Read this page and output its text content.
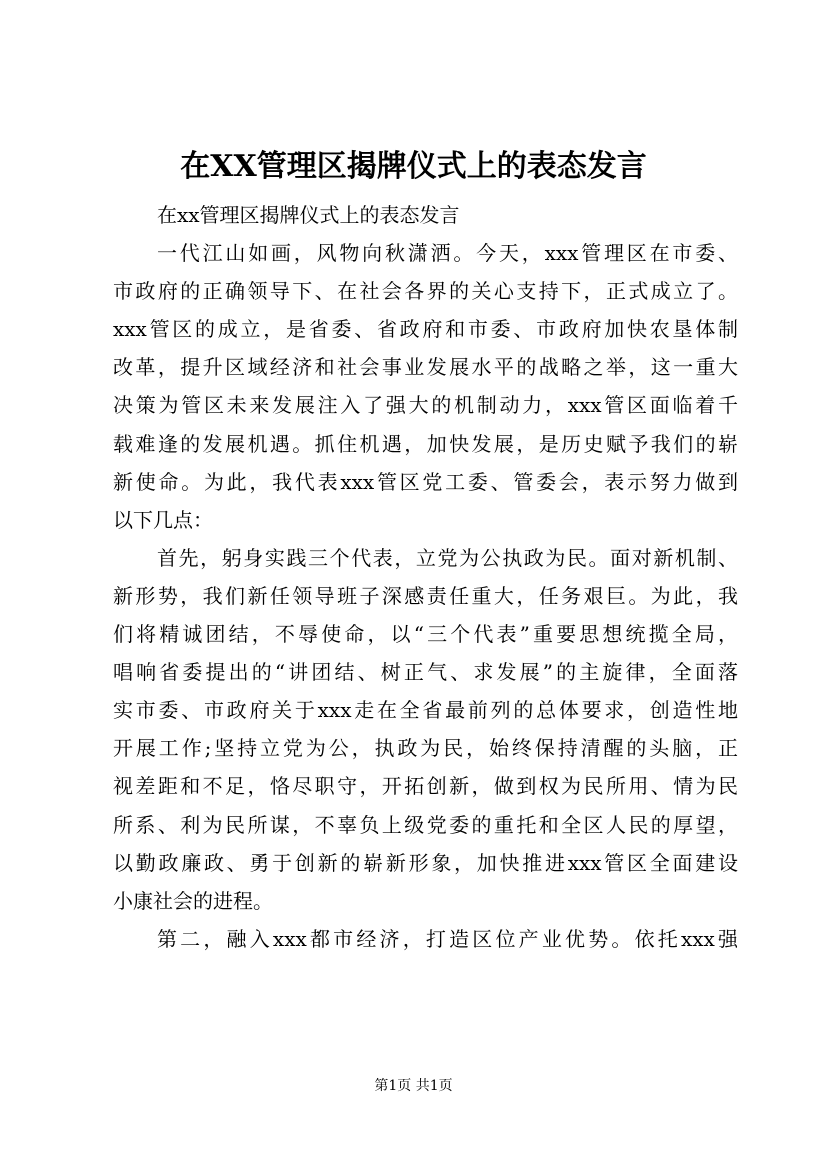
在XX管理区揭牌仪式上的表态发言
在xx管理区揭牌仪式上的表态发言
一代江山如画，风物向秋潇洒。今天，xxx管理区在市委、
市政府的正确领导下、在社会各界的关心支持下，正式成立了。
xxx管区的成立，是省委、省政府和市委、市政府加快农垦体制
改革，提升区域经济和社会事业发展水平的战略之举，这一重大
决策为管区未来发展注入了强大的机制动力，xxx管区面临着千
载难逢的发展机遇。抓住机遇，加快发展，是历史赋予我们的崭
新使命。为此，我代表xxx管区党工委、管委会，表示努力做到
以下几点：
首先，躬身实践三个代表，立党为公执政为民。面对新机制、
新形势，我们新任领导班子深感责任重大，任务艰巨。为此，我
们将精诚团结，不辱使命，以“三个代表”重要思想统揽全局，
唱响省委提出的“讲团结、树正气、求发展”的主旋律，全面落
实市委、市政府关于xxx走在全省最前列的总体要求，创造性地
开展工作;坚持立党为公，执政为民，始终保持清醒的头脑，正
视差距和不足，恪尽职守，开拓创新，做到权为民所用、情为民
所系、利为民所谋，不辜负上级党委的重托和全区人民的厚望，
以勤政廉政、勇于创新的崭新形象，加快推进xxx管区全面建设
小康社会的进程。
第二，融入xxx都市经济，打造区位产业优势。依托xxx强
第1页 共1页
